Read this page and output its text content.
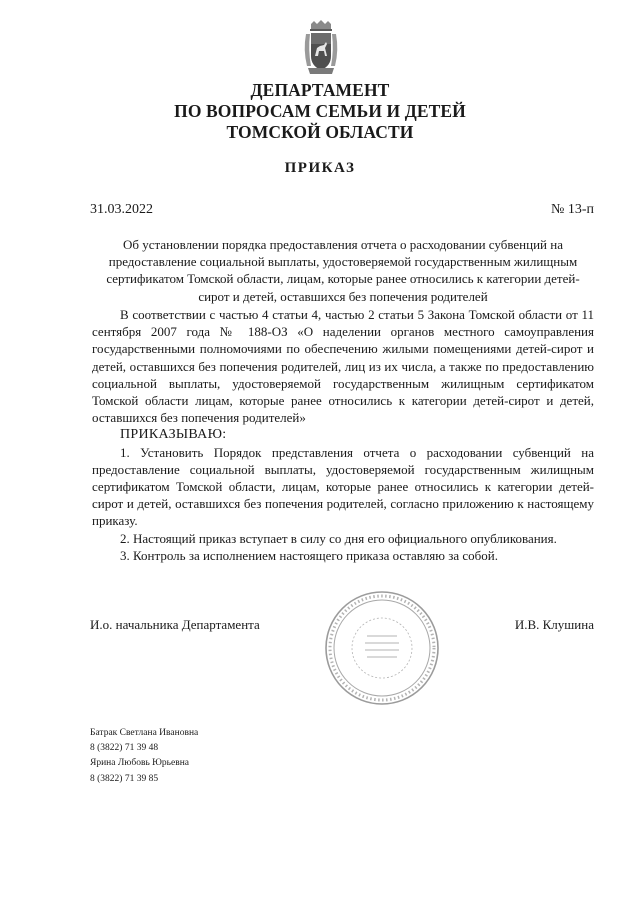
ДЕПАРТАМЕНТ
ПО ВОПРОСАМ СЕМЬИ И ДЕТЕЙ
ТОМСКОЙ ОБЛАСТИ
ПРИКАЗ
31.03.2022	№ 13-п
Об установлении порядка предоставления отчета о расходовании субвенций на предоставление социальной выплаты, удостоверяемой государственным жилищным сертификатом Томской области, лицам, которые ранее относились к категории детей-сирот и детей, оставшихся без попечения родителей

В соответствии с частью 4 статьи 4, частью 2 статьи 5 Закона Томской области от 11 сентября 2007 года № 188-ОЗ «О наделении органов местного самоуправления государственными полномочиями по обеспечению жилыми помещениями детей-сирот и детей, оставшихся без попечения родителей, лиц из их числа, а также по предоставлению социальной выплаты, удостоверяемой государственным жилищным сертификатом Томской области лицам, которые ранее относились к категории детей-сирот и детей, оставшихся без попечения родителей»

ПРИКАЗЫВАЮ:

1. Установить Порядок представления отчета о расходовании субвенций на предоставление социальной выплаты, удостоверяемой государственным жилищным сертификатом Томской области, лицам, которые ранее относились к категории детей-сирот и детей, оставшихся без попечения родителей, согласно приложению к настоящему приказу.

2. Настоящий приказ вступает в силу со дня его официального опубликования.

3. Контроль за исполнением настоящего приказа оставляю за собой.

И.о. начальника Департамента	И.В. Клушина
Батрак Светлана Ивановна
8 (3822) 71 39 48
Ярина Любовь Юрьевна
8 (3822) 71 39 85
